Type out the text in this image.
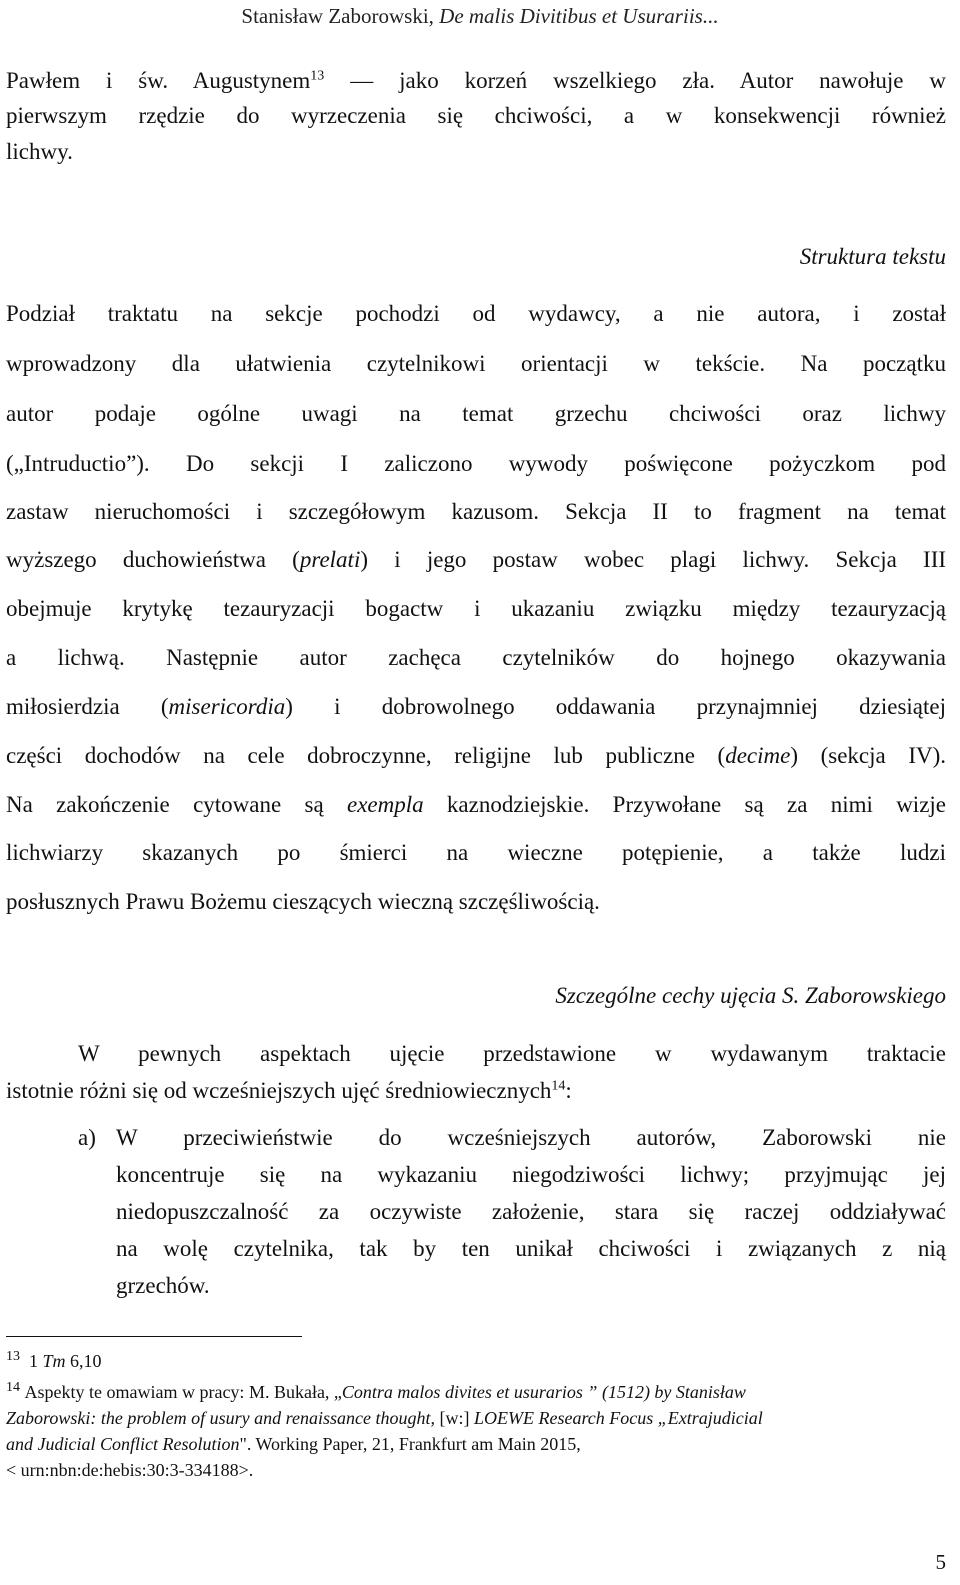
Stanisław Zaborowski, De malis Divitibus et Usurariis...
Pawłem i św. Augustynem$^{13}$ — jako korzeń wszelkiego zła. Autor nawołuje w
pierwszym rzędzie do wyrzeczenia się chciwości, a w konsekwencji również
lichwy.
Struktura tekstu
Podział traktatu na sekcje pochodzi od wydawcy, a nie autora, i został
wprowadzony dla ułatwienia czytelnikowi orientacji w tekście. Na początku
autor podaje ogólne uwagi na temat grzechu chciwości oraz lichwy
(„Intruductio”). Do sekcji I zaliczono wywody poświęcone pożyczkom pod
zastaw nieruchomości i szczegółowym kazusom. Sekcja II to fragment na temat
wyższego duchowieństwa (prelati) i jego postaw wobec plagi lichwy. Sekcja III
obejmuje krytykę tezauryzacji bogactw i ukazaniu związku między tezauryzacją
a lichwą. Następnie autor zachęca czytelników do hojnego okazywania
miłosierdzia (misericordia) i dobrowolnego oddawania przynajmniej dziesiątej
części dochodów na cele dobroczynne, religijne lub publiczne (decime) (sekcja IV).
Na zakończenie cytowane są exempla kaznodziejskie. Przywołane są za nimi wizje
lichwiarzy skazanych po śmierci na wieczne potępienie, a także ludzi
posłusznych Prawu Bożemu cieszących wieczną szczęśliwością.
Szczególne cechy ujęcia S. Zaborowskiego
W pewnych aspektach ujęcie przedstawione w wydawanym traktacie
istotnie różni się od wcześniejszych ujęć średniowiecznych$^{14}$:
a) W przeciwieństwie do wcześniejszych autorów, Zaborowski nie
koncentruje się na wykazaniu niegodziwości lichwy; przyjmując jej
niedopuszczalność za oczywiste założenie, stara się raczej oddziaływać
na wolę czytelnika, tak by ten unikał chciwości i związanych z nią
grzechów.
$^{13}$ 1 Tm 6,10
$^{14}$ Aspekty te omawiam w pracy: M. Bukała, „Contra malos divites et usurarios ” (1512) by Stanisław
Zaborowski: the problem of usury and renaissance thought, [w:] LOEWE Research Focus „Extrajudicial
and Judicial Conflict Resolution". Working Paper, 21, Frankfurt am Main 2015,
< urn:nbn:de:hebis:30:3-334188>.
5
